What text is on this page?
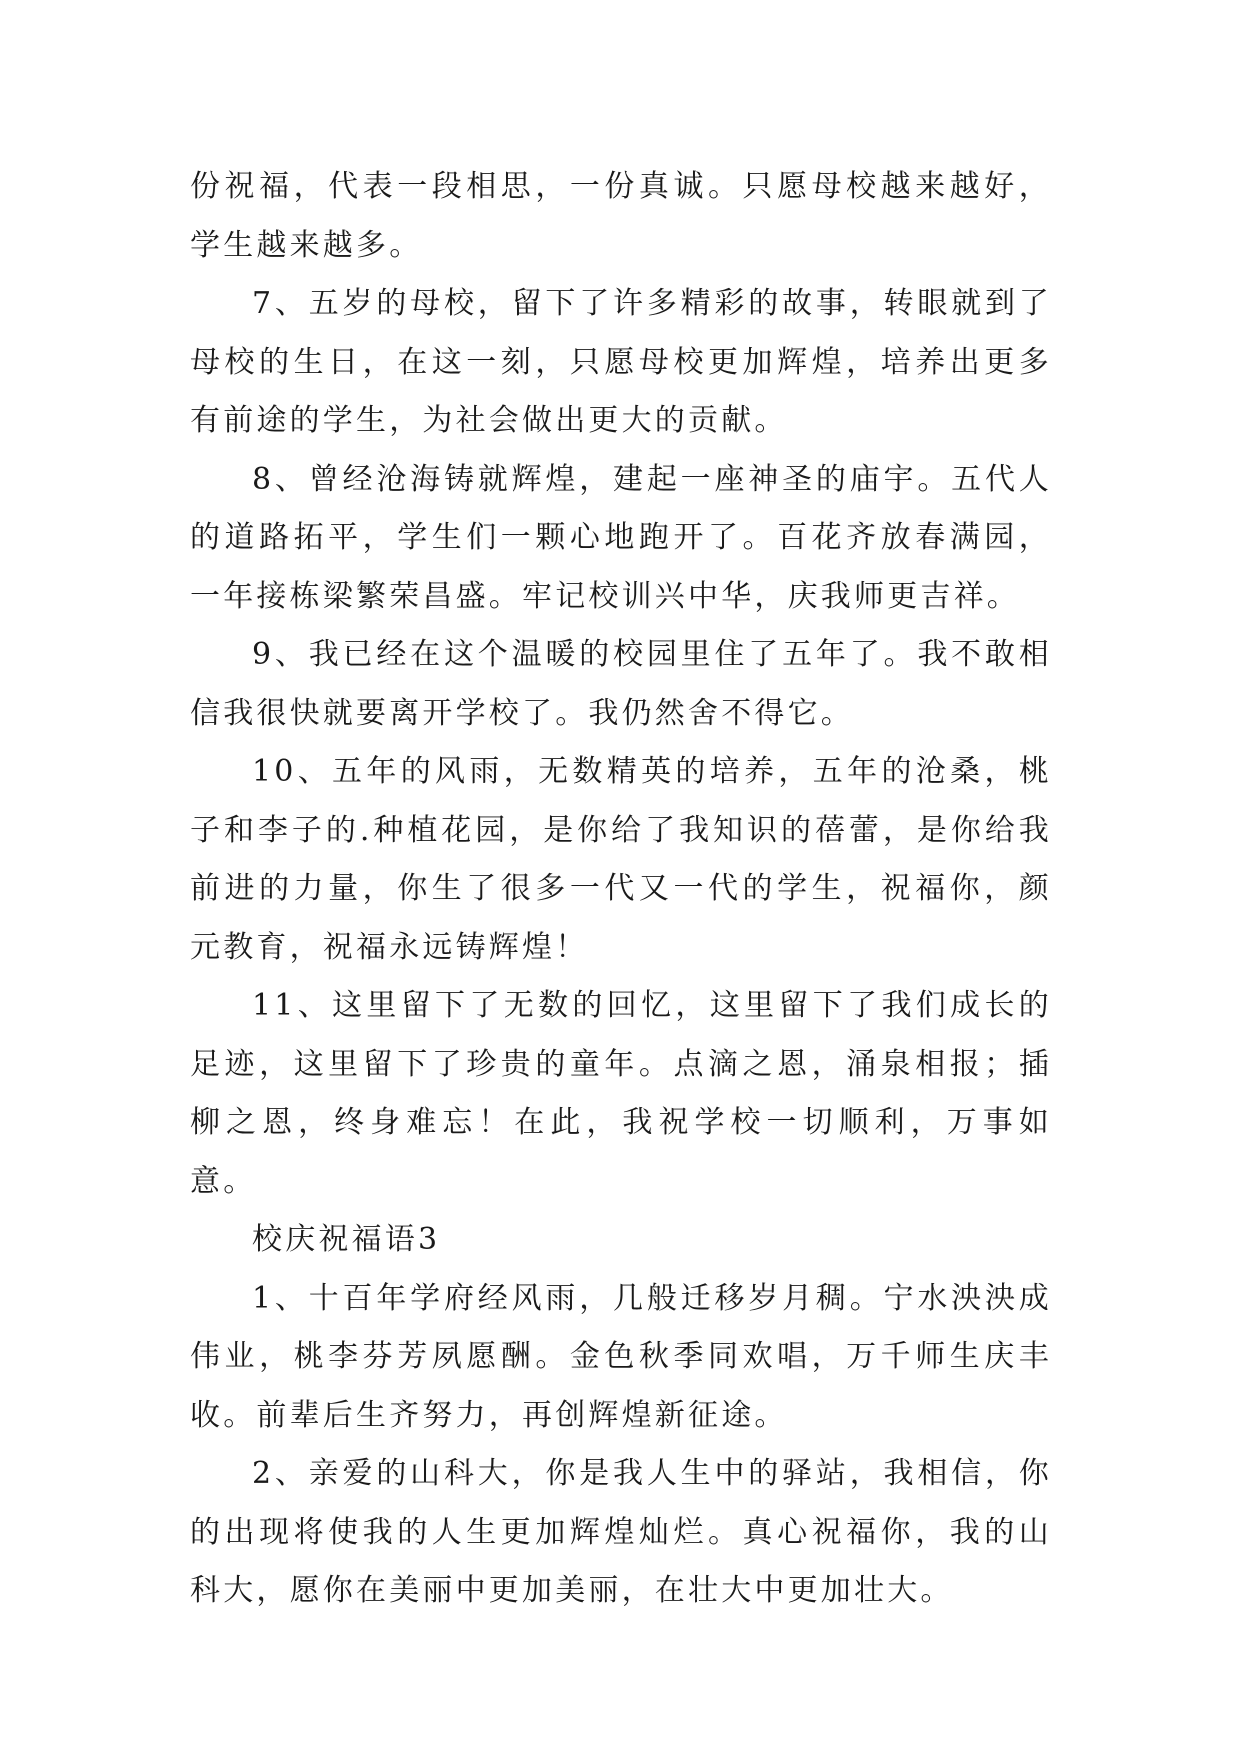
份祝福，代表一段相思，一份真诚。只愿母校越来越好，学生越来越多。

7、五岁的母校，留下了许多精彩的故事，转眼就到了母校的生日，在这一刻，只愿母校更加辉煌，培养出更多有前途的学生，为社会做出更大的贡献。

8、曾经沧海铸就辉煌，建起一座神圣的庙宇。五代人的道路拓平，学生们一颗心地跑开了。百花齐放春满园，一年接栋梁繁荣昌盛。牢记校训兴中华，庆我师更吉祥。

9、我已经在这个温暖的校园里住了五年了。我不敢相信我很快就要离开学校了。我仍然舍不得它。

10、五年的风雨，无数精英的培养，五年的沧桑，桃子和李子的.种植花园，是你给了我知识的蓓蕾，是你给我前进的力量，你生了很多一代又一代的学生，祝福你，颜元教育，祝福永远铸辉煌！

11、这里留下了无数的回忆，这里留下了我们成长的足迹，这里留下了珍贵的童年。点滴之恩，涌泉相报；插柳之恩，终身难忘！在此，我祝学校一切顺利，万事如意。

校庆祝福语3

1、十百年学府经风雨，几般迁移岁月稠。宁水泱泱成伟业，桃李芬芳夙愿酬。金色秋季同欢唱，万千师生庆丰收。前辈后生齐努力，再创辉煌新征途。

2、亲爱的山科大，你是我人生中的驿站，我相信，你的出现将使我的人生更加辉煌灿烂。真心祝福你，我的山科大，愿你在美丽中更加美丽，在壮大中更加壮大。
